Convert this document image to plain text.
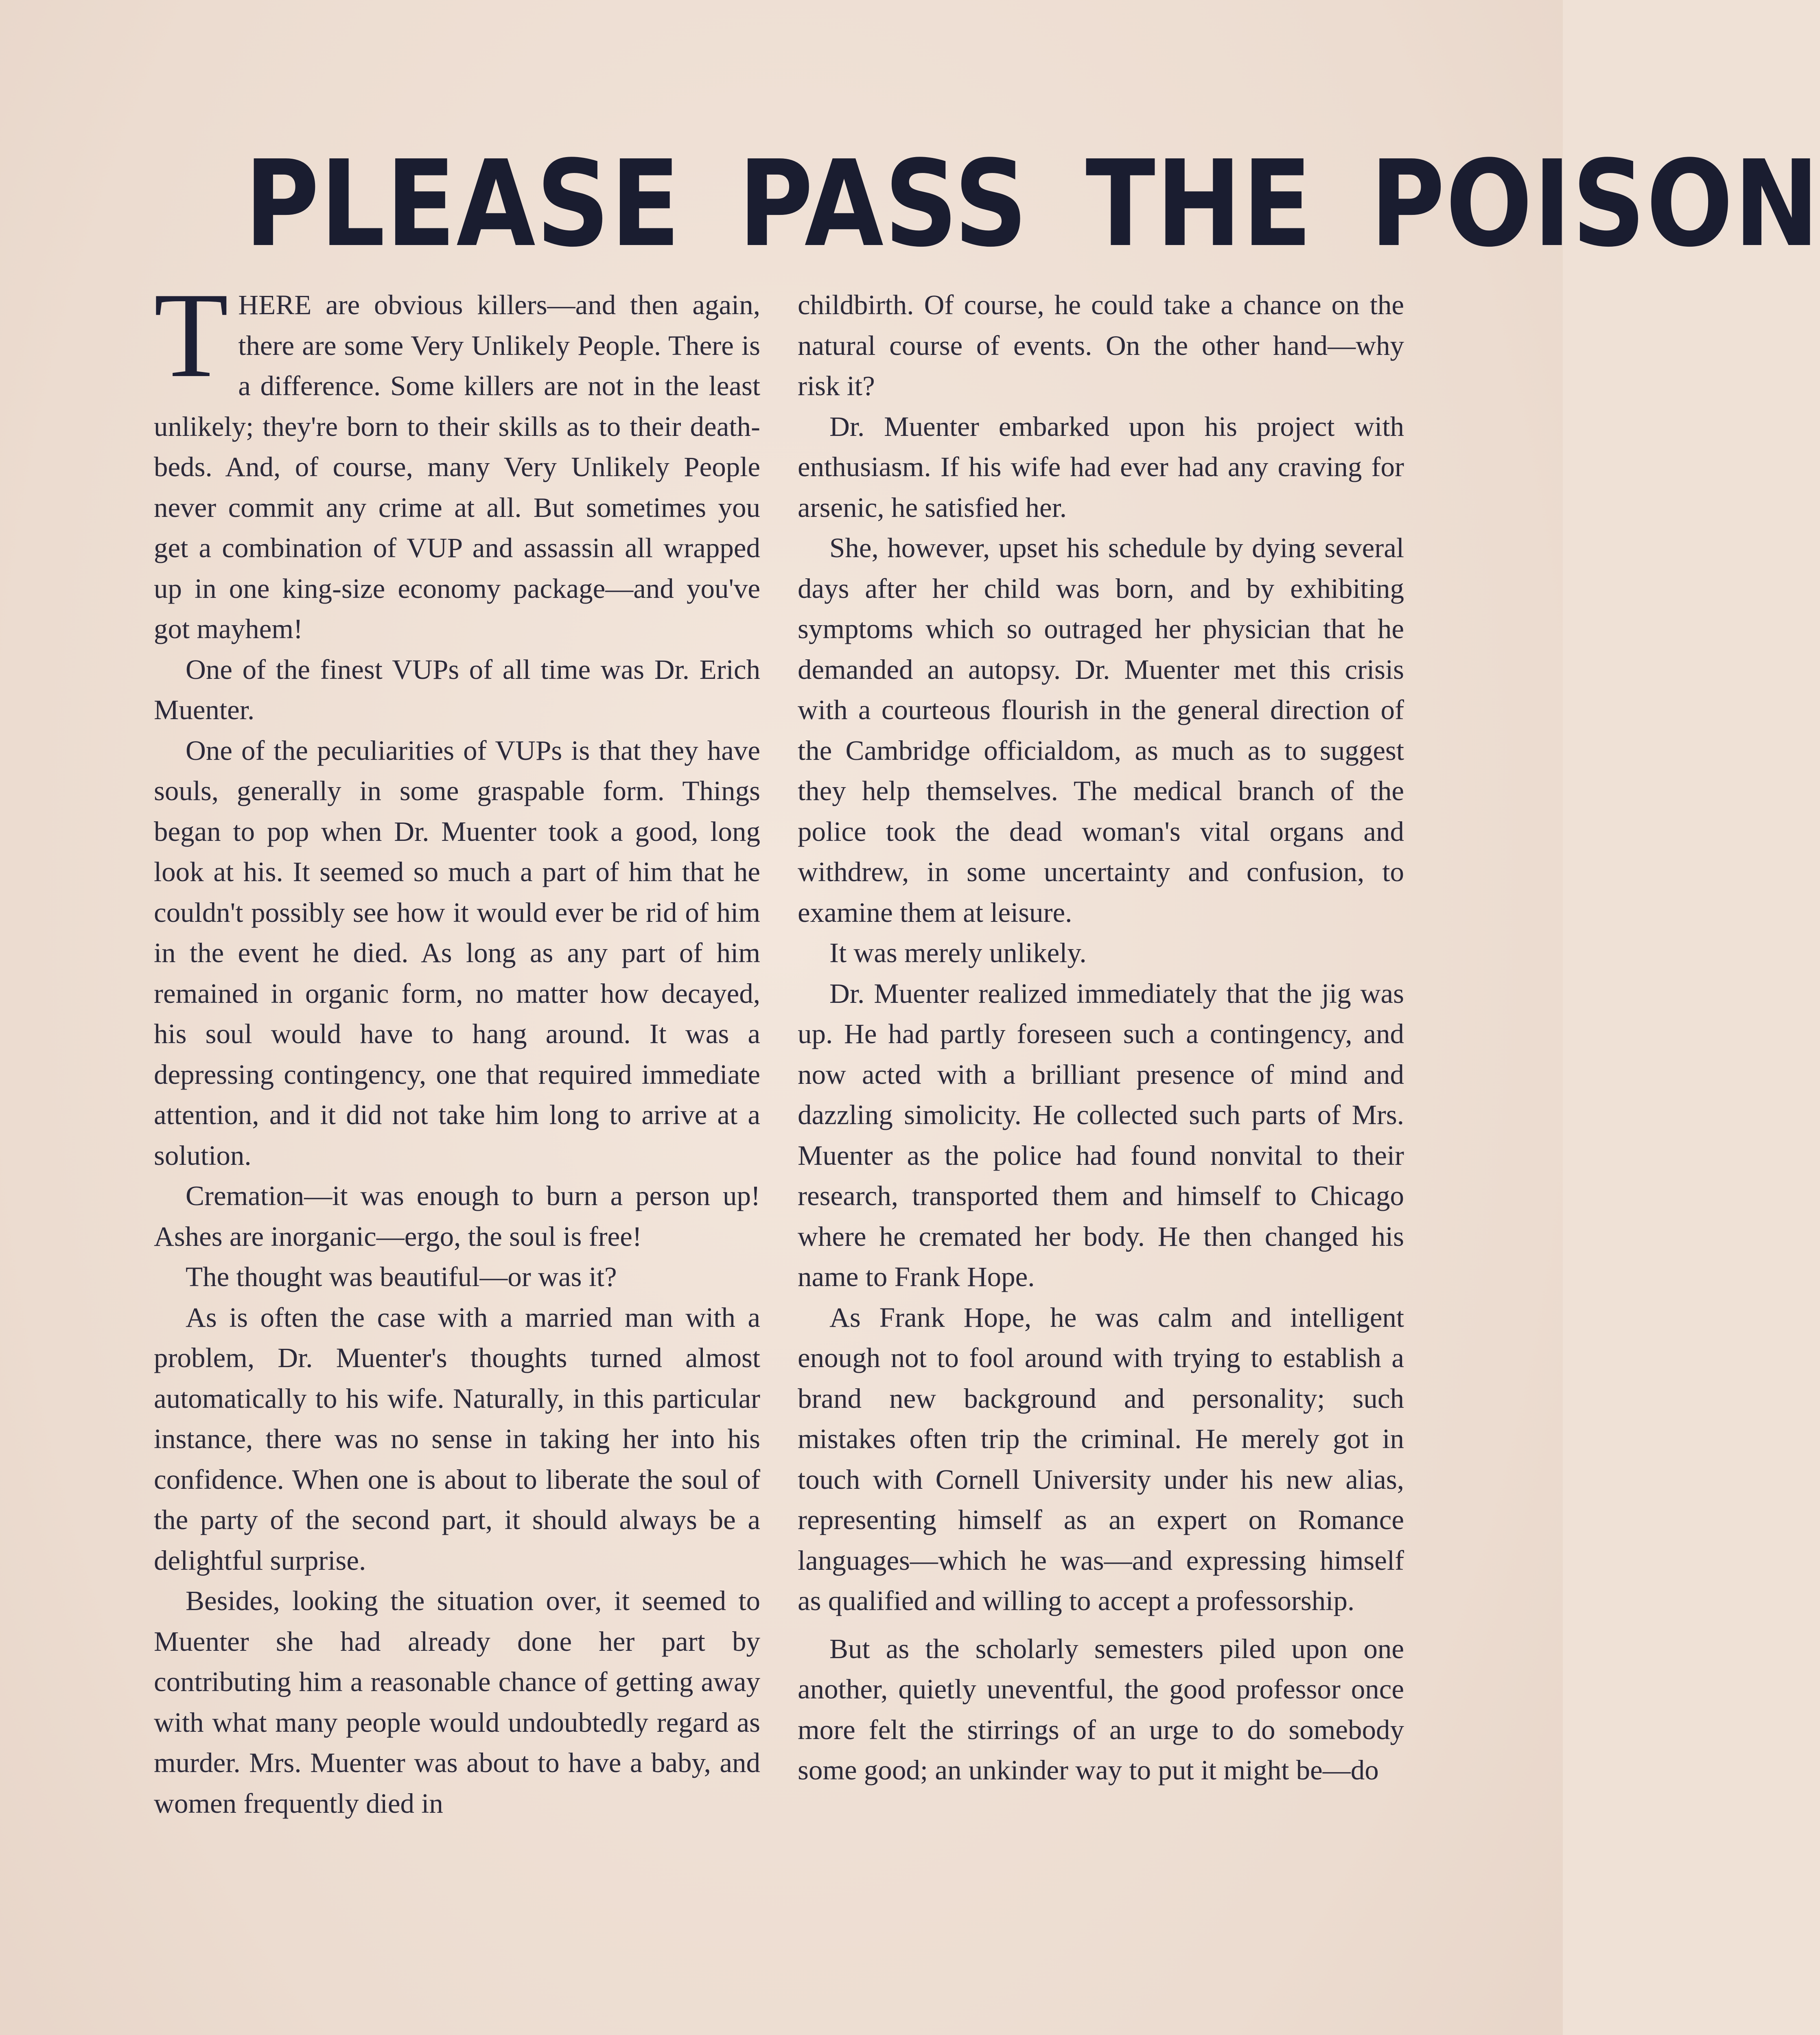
PLEASE PASS THE POISON

THERE are obvious killers—and then again, there are some Very Unlikely People. There is a difference. Some killers are not in the least unlikely; they're born to their skills as to their death-beds. And, of course, many Very Unlikely People never commit any crime at all. But sometimes you get a combination of VUP and assassin all wrapped up in one king-size economy package—and you've got mayhem!

One of the finest VUPs of all time was Dr. Erich Muenter.

One of the peculiarities of VUPs is that they have souls, generally in some graspable form. Things began to pop when Dr. Muenter took a good, long look at his. It seemed so much a part of him that he couldn't possibly see how it would ever be rid of him in the event he died. As long as any part of him remained in organic form, no matter how decayed, his soul would have to hang around. It was a depressing contingency, one that required immediate attention, and it did not take him long to arrive at a solution.

Cremation—it was enough to burn a person up! Ashes are inorganic—ergo, the soul is free!

The thought was beautiful—or was it?

As is often the case with a married man with a problem, Dr. Muenter's thoughts turned almost automatically to his wife. Naturally, in this particular instance, there was no sense in taking her into his confidence. When one is about to liberate the soul of the party of the second part, it should always be a delightful surprise.

Besides, looking the situation over, it seemed to Muenter she had already done her part by contributing him a reasonable chance of getting away with what many people would undoubtedly regard as murder. Mrs. Muenter was about to have a baby, and women frequently died in

childbirth. Of course, he could take a chance on the natural course of events. On the other hand—why risk it?

Dr. Muenter embarked upon his project with enthusiasm. If his wife had ever had any craving for arsenic, he satisfied her.

She, however, upset his schedule by dying several days after her child was born, and by exhibiting symptoms which so outraged her physician that he demanded an autopsy. Dr. Muenter met this crisis with a courteous flourish in the general direction of the Cambridge officialdom, as much as to suggest they help themselves. The medical branch of the police took the dead woman's vital organs and withdrew, in some uncertainty and confusion, to examine them at leisure.

It was merely unlikely.

Dr. Muenter realized immediately that the jig was up. He had partly foreseen such a contingency, and now acted with a brilliant presence of mind and dazzling simolicity. He collected such parts of Mrs. Muenter as the police had found nonvital to their research, transported them and himself to Chicago where he cremated her body. He then changed his name to Frank Hope.

As Frank Hope, he was calm and intelligent enough not to fool around with trying to establish a brand new background and personality; such mistakes often trip the criminal. He merely got in touch with Cornell University under his new alias, representing himself as an expert on Romance languages—which he was—and expressing himself as qualified and willing to accept a professorship.

But as the scholarly semesters piled upon one another, quietly uneventful, the good professor once more felt the stirrings of an urge to do somebody some good; an unkinder way to put it might be—do
